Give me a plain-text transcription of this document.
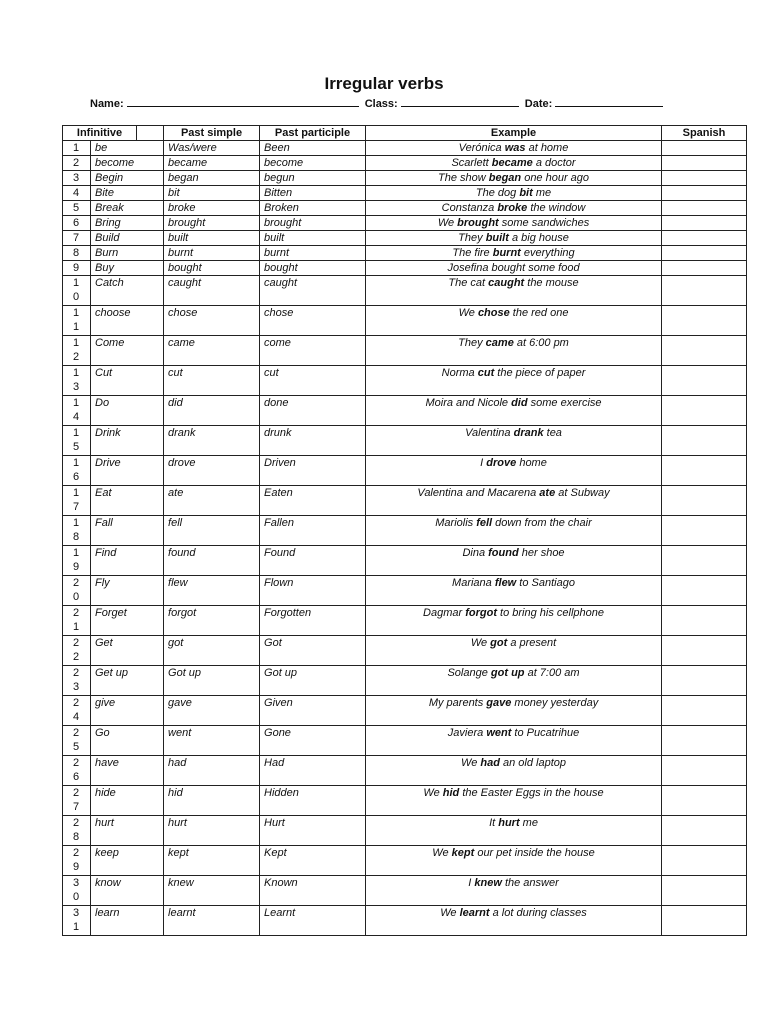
Irregular verbs
Name:	Class:	Date:
Infinitive			Past simple	Past participle	Example	Spanish
1	be		Was/were	Been	Verónica was at home	
2	become		became	become	Scarlett became a doctor	
3	Begin		began	begun	The show began one hour ago	
4	Bite		bit	Bitten	The dog bit me	
5	Break		broke	Broken	Constanza broke the window	
6	Bring		brought	brought	We brought some sandwiches	
7	Build		built	built	They built a big house	
8	Burn		burnt	burnt	The fire burnt everything	
9	Buy		bought	bought	Josefina bought some food	
10	Catch		caught	caught	The cat caught the mouse	
11	choose		chose	chose	We chose the red one	
12	Come		came	come	They came at 6:00 pm	
13	Cut		cut	cut	Norma cut the piece of paper	
14	Do		did	done	Moira and Nicole did some exercise	
15	Drink		drank	drunk	Valentina drank tea	
16	Drive		drove	Driven	I drove home	
17	Eat		ate	Eaten	Valentina and Macarena ate at Subway	
18	Fall		fell	Fallen	Mariolis fell down from the chair	
19	Find		found	Found	Dina found her shoe	
20	Fly		flew	Flown	Mariana flew to Santiago	
21	Forget		forgot	Forgotten	Dagmar forgot to bring his cellphone	
22	Get		got	Got	We got a present	
23	Get up		Got up	Got up	Solange got up at 7:00 am	
24	give		gave	Given	My parents gave money yesterday	
25	Go		went	Gone	Javiera went to Pucatrihue	
26	have		had	Had	We had an old laptop	
27	hide		hid	Hidden	We hid the Easter Eggs in the house	
28	hurt		hurt	Hurt	It hurt me	
29	keep		kept	Kept	We kept our pet inside the house	
30	know		knew	Known	I knew the answer	
31	learn		learnt	Learnt	We learnt a lot during classes	
